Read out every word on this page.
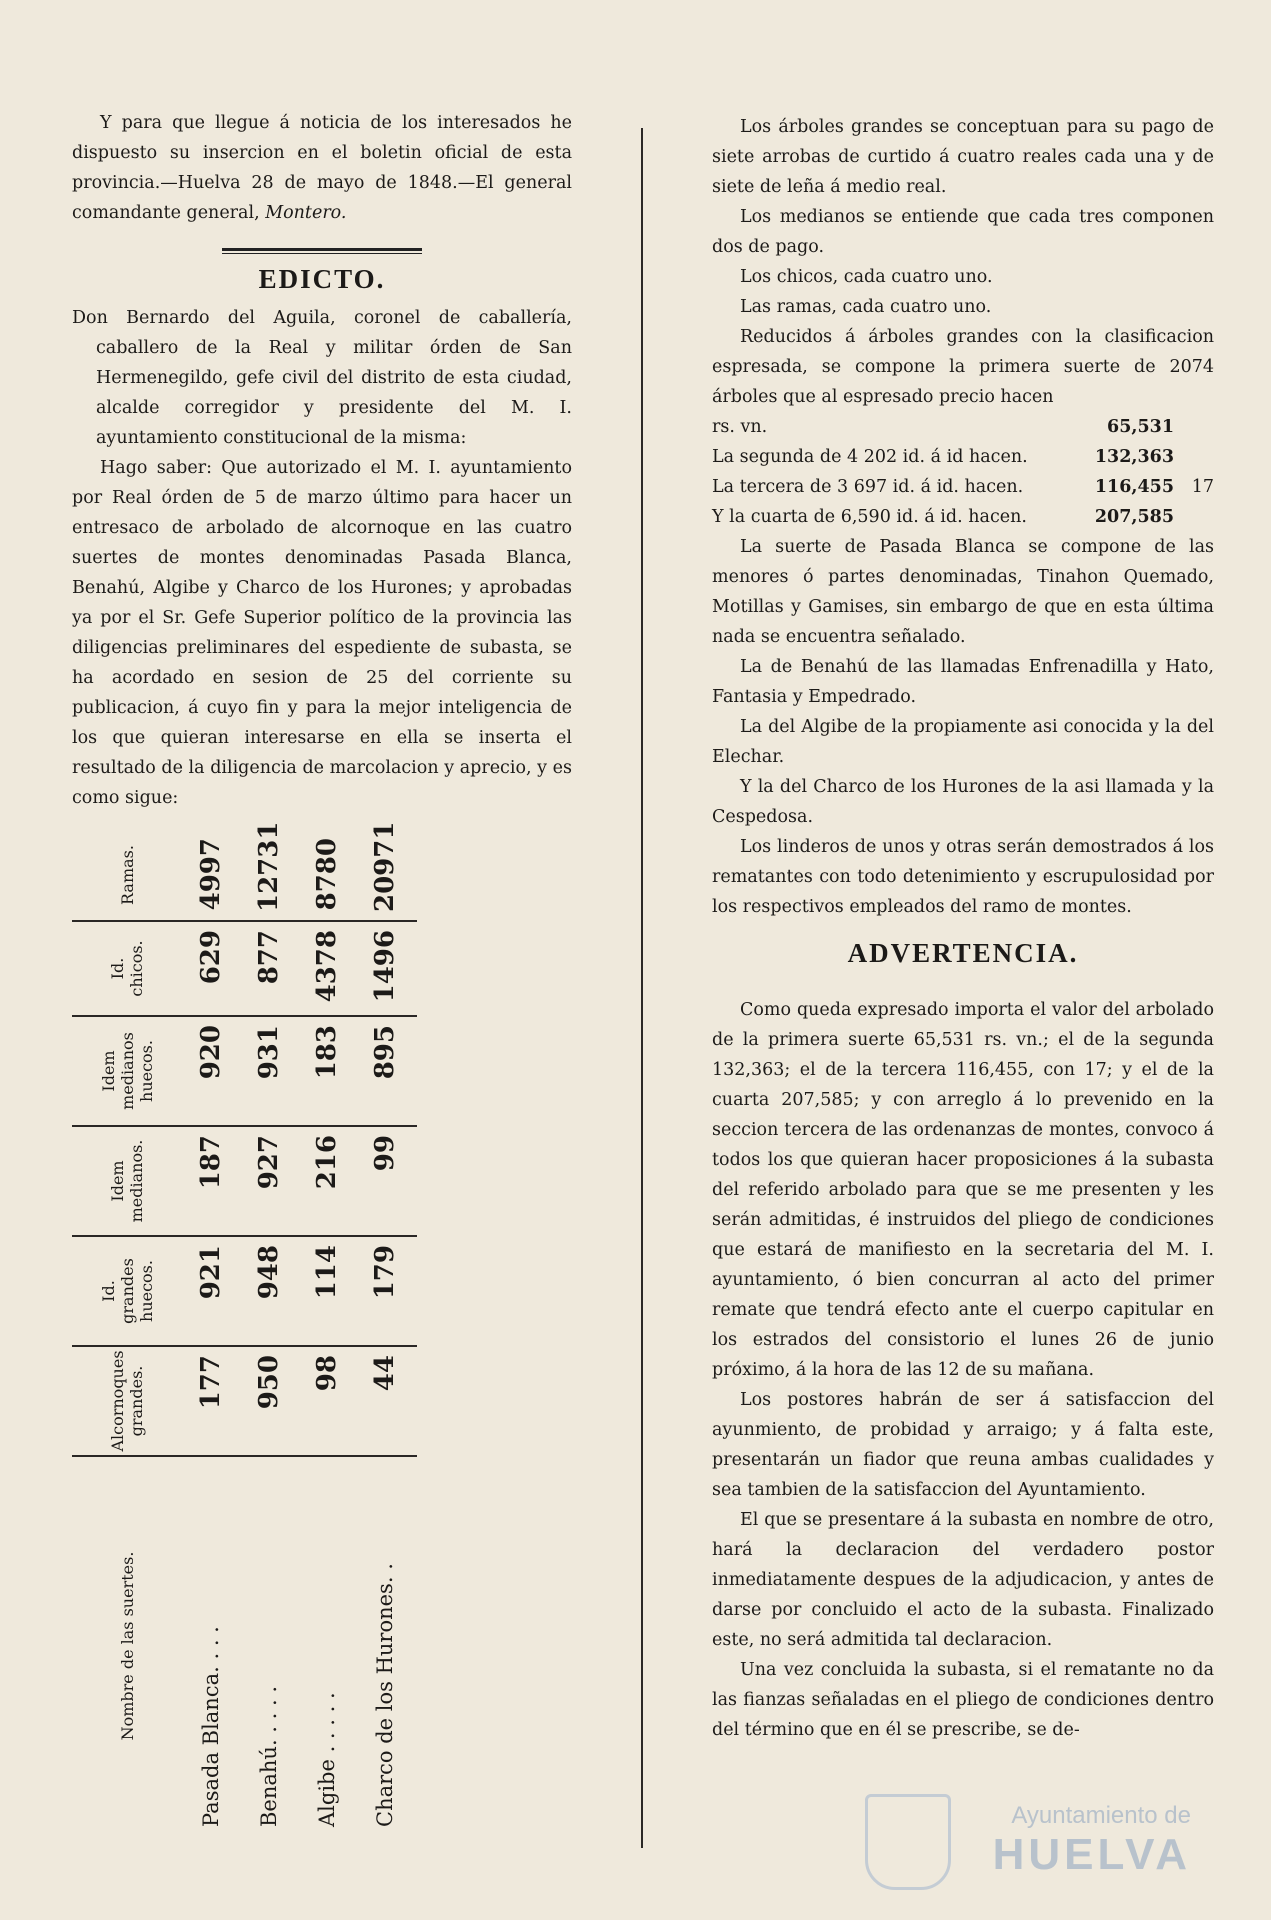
Y para que llegue á noticia de los interesados he dispuesto su insercion en el boletin oficial de esta provincia.—Huelva 28 de mayo de 1848.—El general comandante general, Montero.

EDICTO.

Don Bernardo del Aguila, coronel de caballería, caballero de la Real y militar órden de San Hermenegildo, gefe civil del distrito de esta ciudad, alcalde corregidor y presidente del M. I. ayuntamiento constitucional de la misma:

Hago saber: Que autorizado el M. I. ayuntamiento por Real órden de 5 de marzo último para hacer un entresaco de arbolado de alcornoque en las cuatro suertes de montes denominadas Pasada Blanca, Benahú, Algibe y Charco de los Hurones; y aprobadas ya por el Sr. Gefe Superior político de la provincia las diligencias preliminares del espediente de subasta, se ha acordado en sesion de 25 del corriente su publicacion, á cuyo fin y para la mejor inteligencia de los que quieran interesarse en ella se inserta el resultado de la diligencia de marcolacion y aprecio, y es como sigue:

Nombre de las suertes.	Pasada Blanca. . . .	Benahú. . . . .	Algibe . . . . .	Charco de los Hurones. .
Alcornoques grandes.	177	950	98	44
Id. grandes huecos.	921	948	114	179
Idem medianos.	187	927	216	99
Idem medianos huecos.	920	931	183	895
Id. chicos.	629	877	4378	1496
Ramas.	4997	12731	8780	20971

Los árboles grandes se conceptuan para su pago de siete arrobas de curtido á cuatro reales cada una y de siete de leña á medio real.

Los medianos se entiende que cada tres componen dos de pago.

Los chicos, cada cuatro uno.

Las ramas, cada cuatro uno.

Reducidos á árboles grandes con la clasificacion espresada, se compone la primera suerte de 2074 árboles que al espresado precio hacen

rs. vn.	65,531
La segunda de 4 202 id. á id hacen.	132,363
La tercera de 3 697 id. á id. hacen.	116,455	17
Y la cuarta de 6,590 id. á id. hacen.	207,585

La suerte de Pasada Blanca se compone de las menores ó partes denominadas, Tinahon Quemado, Motillas y Gamises, sin embargo de que en esta última nada se encuentra señalado.

La de Benahú de las llamadas Enfrenadilla y Hato, Fantasia y Empedrado.

La del Algibe de la propiamente asi conocida y la del Elechar.

Y la del Charco de los Hurones de la asi llamada y la Cespedosa.

Los linderos de unos y otras serán demostrados á los rematantes con todo detenimiento y escrupulosidad por los respectivos empleados del ramo de montes.

ADVERTENCIA.

Como queda expresado importa el valor del arbolado de la primera suerte 65,531 rs. vn.; el de la segunda 132,363; el de la tercera 116,455, con 17; y el de la cuarta 207,585; y con arreglo á lo prevenido en la seccion tercera de las ordenanzas de montes, convoco á todos los que quieran hacer proposiciones á la subasta del referido arbolado para que se me presenten y les serán admitidas, é instruidos del pliego de condiciones que estará de manifiesto en la secretaria del M. I. ayuntamiento, ó bien concurran al acto del primer remate que tendrá efecto ante el cuerpo capitular en los estrados del consistorio el lunes 26 de junio próximo, á la hora de las 12 de su mañana.

Los postores habrán de ser á satisfaccion del ayunmiento, de probidad y arraigo; y á falta este, presentarán un fiador que reuna ambas cualidades y sea tambien de la satisfaccion del Ayuntamiento.

El que se presentare á la subasta en nombre de otro, hará la declaracion del verdadero postor inmediatamente despues de la adjudicacion, y antes de darse por concluido el acto de la subasta. Finalizado este, no será admitida tal declaracion.

Una vez concluida la subasta, si el rematante no da las fianzas señaladas en el pliego de condiciones dentro del término que en él se prescribe, se de-

Ayuntamiento de
HUELVA
